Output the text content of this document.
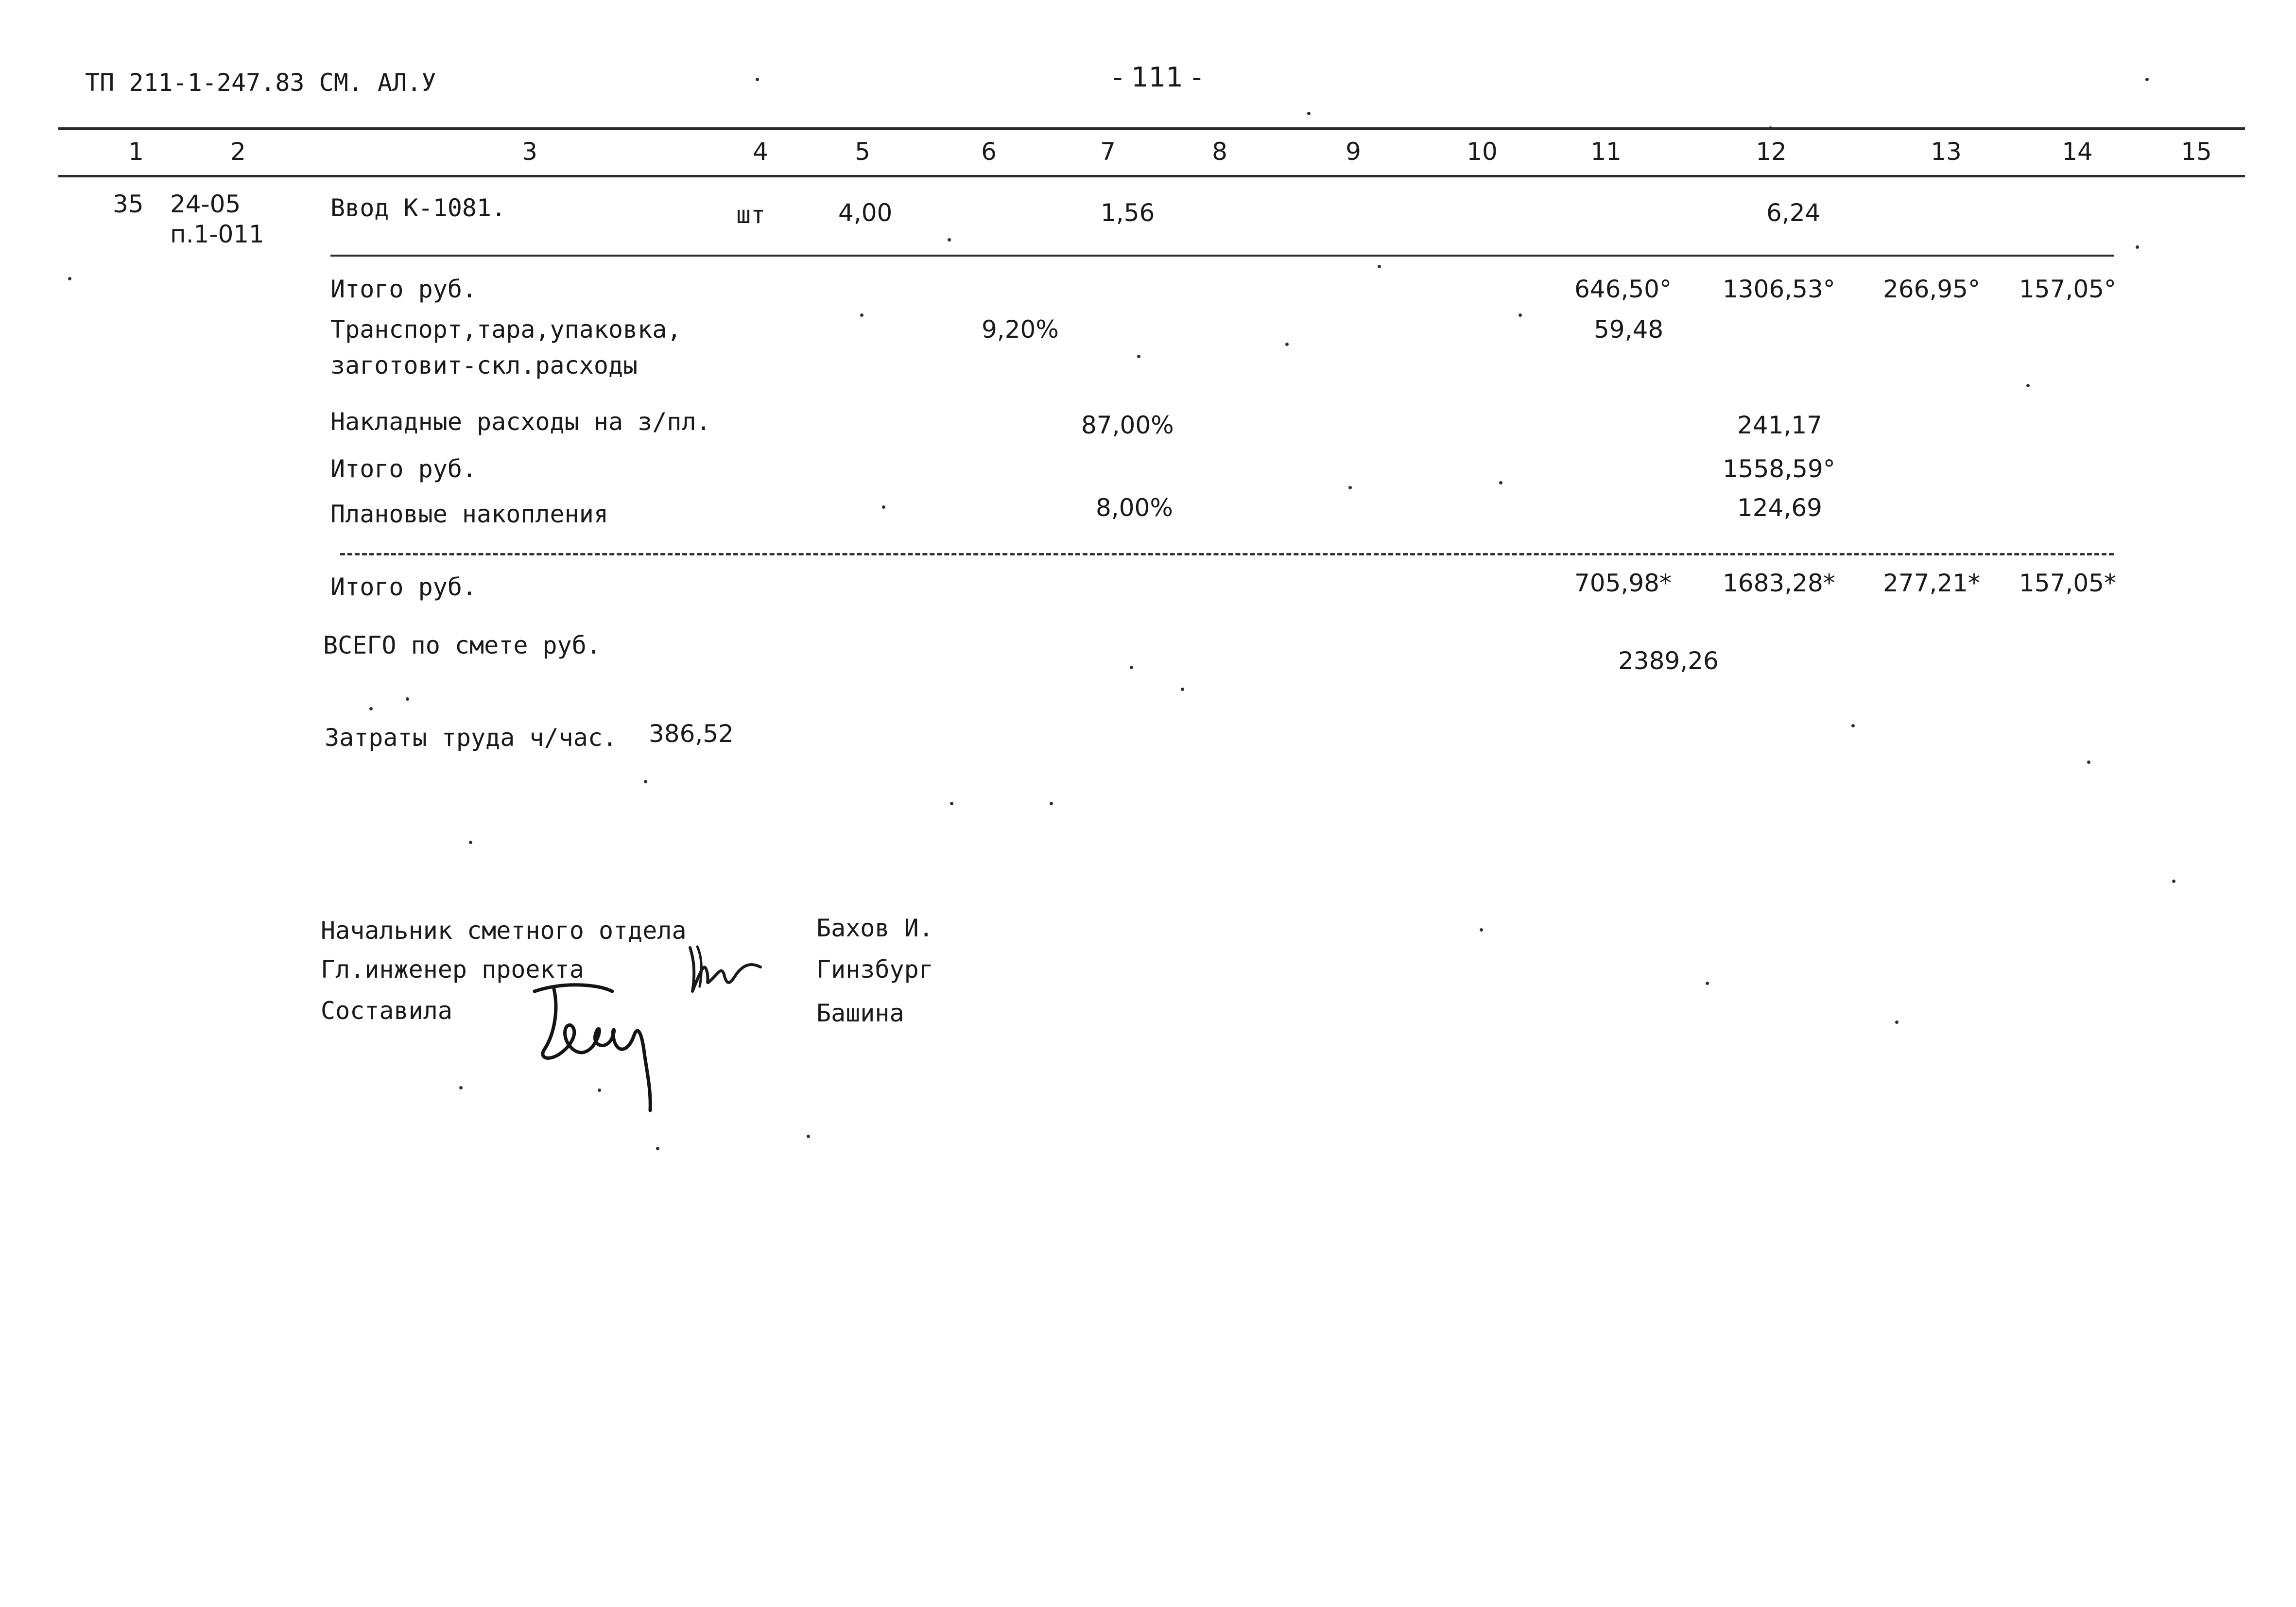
ТП 211-1-247.83 СМ. АЛ.У	- 111 -
1	2	3	4	5	6	7	8	9	10	11	12	13	14	15
35 24-05
п.1-011
Ввод К-1081.	шт	4,00	1,56	6,24
Итого руб.	646,50° 1306,53° 266,95° 157,05°
Транспорт,тара,упаковка,
заготовит-скл.расходы
9,20%	59,48
Накладные расходы на з/пл.	87,00%	241,17
Итого руб.	1558,59°
Плановые накопления	8,00%	124,69
Итого руб.	705,98* 1683,28* 277,21* 157,05*
ВСЕГО по смете руб.
2389,26
Затраты труда ч/час. 386,52
Начальник сметного отдела	Бахов И.
Гл.инженер проекта	Гинзбург
Составила	Башина
